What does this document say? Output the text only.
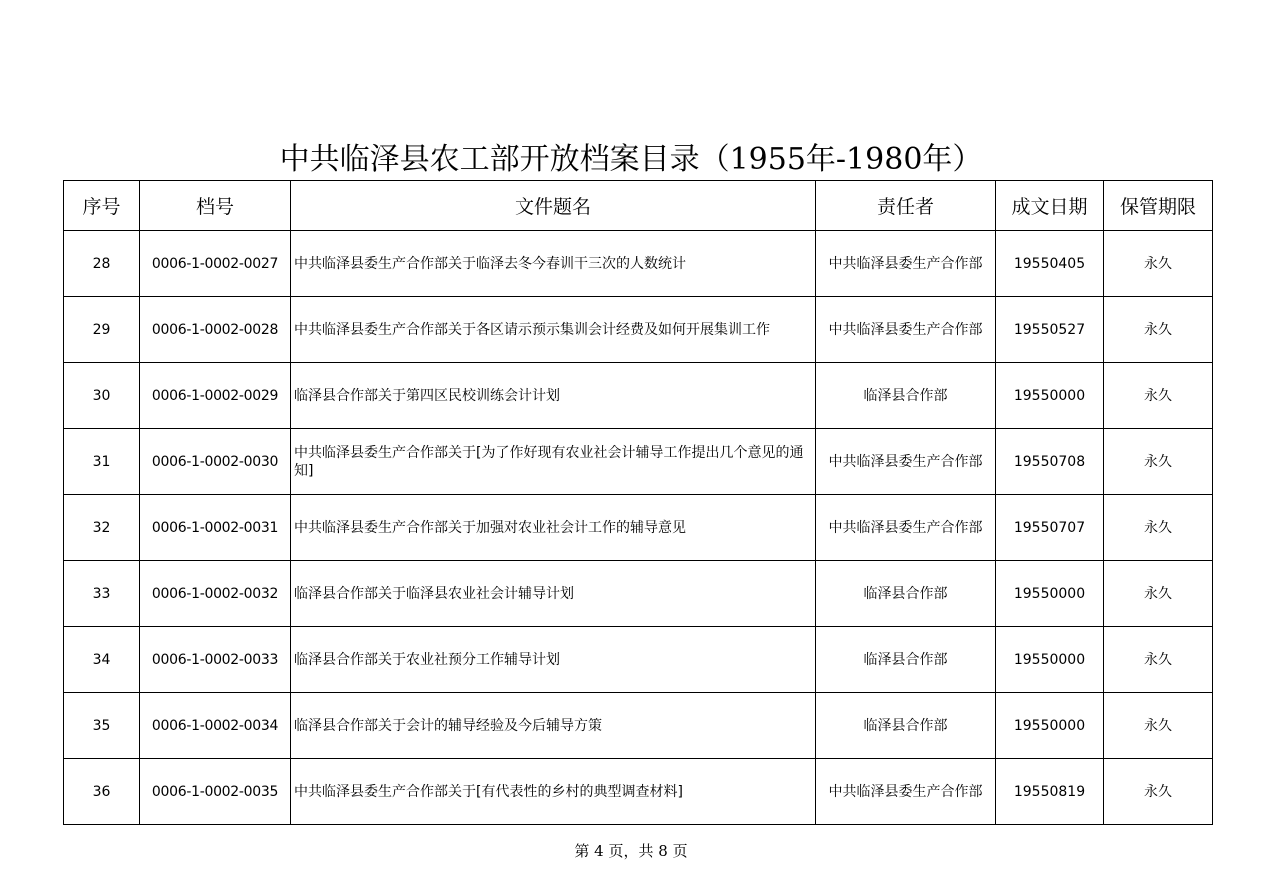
中共临泽县农工部开放档案目录（1955年-1980年）
序号	档号	文件题名	责任者	成文日期	保管期限
28	0006-1-0002-0027	中共临泽县委生产合作部关于临泽去冬今春训干三次的人数统计	中共临泽县委生产合作部	19550405	永久
29	0006-1-0002-0028	中共临泽县委生产合作部关于各区请示预示集训会计经费及如何开展集训工作	中共临泽县委生产合作部	19550527	永久
30	0006-1-0002-0029	临泽县合作部关于第四区民校训练会计计划	临泽县合作部	19550000	永久
31	0006-1-0002-0030	中共临泽县委生产合作部关于[为了作好现有农业社会计辅导工作提出几个意见的通知]	中共临泽县委生产合作部	19550708	永久
32	0006-1-0002-0031	中共临泽县委生产合作部关于加强对农业社会计工作的辅导意见	中共临泽县委生产合作部	19550707	永久
33	0006-1-0002-0032	临泽县合作部关于临泽县农业社会计辅导计划	临泽县合作部	19550000	永久
34	0006-1-0002-0033	临泽县合作部关于农业社预分工作辅导计划	临泽县合作部	19550000	永久
35	0006-1-0002-0034	临泽县合作部关于会计的辅导经验及今后辅导方策	临泽县合作部	19550000	永久
36	0006-1-0002-0035	中共临泽县委生产合作部关于[有代表性的乡村的典型调查材料]	中共临泽县委生产合作部	19550819	永久
第 4 页，共 8 页
